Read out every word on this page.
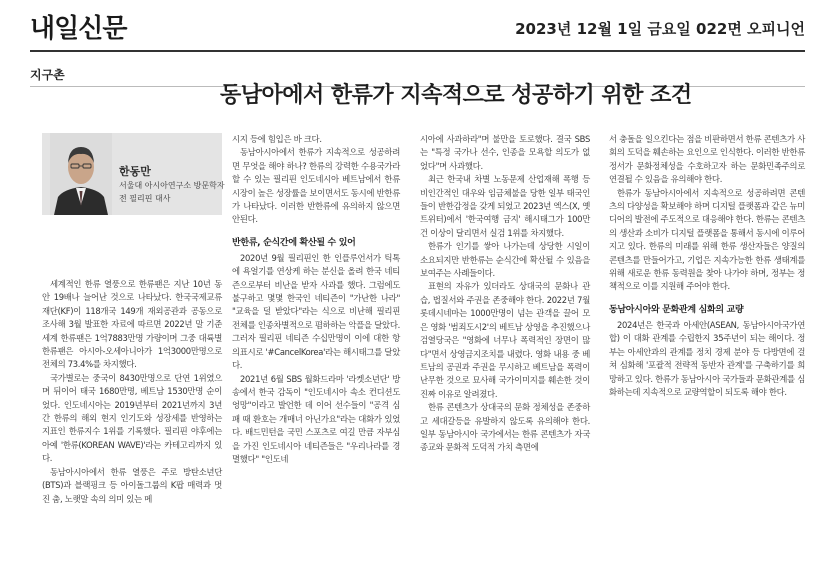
내일신문	2023년 12월 1일 금요일 022면 오피니언
지구촌
동남아에서 한류가 지속적으로 성공하기 위한 조건
한동만
서울대 아시아연구소 방문학자
전 필리핀 대사

세계적인 한류 열풍으로 한류팬은 지난 10년 동안 19배나 늘어난 것으로 나타났다. 한국국제교류재단(KF)이 118개국 149개 재외공관과 공동으로 조사해 3월 발표한 자료에 따르면 2022년 말 기준 세계 한류팬은 1억7883만명 가량이며 그중 대륙별 한류팬은 아시아-오세아니아가 1억3000만명으로 전체의 73.4%를 차지했다.

국가별로는 중국이 8430만명으로 단연 1위였으며 뒤이어 태국 1680만명, 베트남 1530만명 순이었다. 인도네시아는 2019년부터 2021년까지 3년간 한류의 해외 현지 인기도와 성장세를 반영하는 지표인 한류지수 1위를 기록했다. 필리핀 야후에는 아예 '한류(KOREAN WAVE)'라는 카테고리까지 있다.

동남아시아에서 한류 열풍은 주로 방탄소년단(BTS)과 블랙핑크 등 아이돌그룹의 K팝 매력과 멋진 춤, 노랫말 속의 의미 있는 메

시지 등에 힘입은 바 크다.

동남아시아에서 한류가 지속적으로 성공하려면 무엇을 해야 하나? 한류의 강력한 수용국가라 할 수 있는 필리핀 인도네시아 베트남에서 한류시장이 높은 성장률을 보이면서도 동시에 반한류가 나타났다. 이러한 반한류에 유의하지 않으면 안된다.

반한류, 순식간에 확산될 수 있어

2020년 9월 필리핀인 한 인플루언서가 틱톡에 욕얼기를 연상케 하는 분신을 올려 한국 네티즌으로부터 비난을 받자 사과를 했다. 그럼에도 불구하고 몇몇 한국인 네티즌이 "가난한 나라" "교육을 덜 받았다"라는 식으로 비난해 필리핀 전체를 인종차별적으로 폄하하는 악플을 달았다. 그러자 필리핀 네티즌 수십만명이 이에 대한 항의표시로 '#CancelKorea'라는 해시태그를 달았다.

2021년 6월 SBS 월화드라마 '라켓소년단' 방송에서 한국 감독이 "인도네시아 속소 컨디션도 엉망"이라고 발언한 데 이어 선수들이 "공격 심패 때 환호는 개매너 아닌가요"라는 대화가 있었다. 배드민턴을 국민 스포츠로 여길 만큼 자부심을 가진 인도네시아 네티즌들은 "우리나라를 경멸했다" "인도네

시아에 사과하라"며 불만을 토로했다. 결국 SBS는 "특정 국가나 선수, 인종을 모욕할 의도가 없었다"며 사과했다.

최근 한국내 차별 노동문제 산업재해 폭행 등 비인간적인 대우와 임금체불을 당한 일부 태국인들이 반한감정을 갖게 되었고 2023년 엑스(X, 옛 트위터)에서 '한국여행 금지' 해시태그가 100만건 이상이 달리면서 실검 1위를 차지했다.

한류가 인기를 쌓아 나가는데 상당한 시일이 소요되지만 반한류는 순식간에 확산될 수 있음을 보여주는 사례들이다.

표현의 자유가 있더라도 상대국의 문화나 관습, 법질서와 주권을 존중해야 한다. 2022년 7월 롯데시네마는 1000만명이 넘는 관객을 끌어 모은 영화 '범죄도시2'의 베트남 상영을 추진했으나 검열당국은 "영화에 너무나 폭력적인 장면이 많다"면서 상영금지조치를 내렸다. 영화 내용 중 베트남의 공권과 주권을 무시하고 베트남을 폭력이 난무한 것으로 묘사해 국가이미지를 훼손한 것이 진짜 이유로 알려졌다.

한류 콘텐츠가 상대국의 문화 정체성을 존중하고 세대갈등을 유발하지 않도록 유의해야 한다. 일부 동남아시아 국가에서는 한류 콘텐츠가 자국 종교와 문화적 도덕적 가치 측면에

서 충돌을 일으킨다는 점을 비판하면서 한류 콘텐츠가 사회의 도덕을 훼손하는 요인으로 인식한다. 이러한 반한류 정서가 문화정체성을 수호하고자 하는 문화민족주의로 연결될 수 있음을 유의해야 한다.

한류가 동남아시아에서 지속적으로 성공하려면 콘텐츠의 다양성을 확보해야 하며 디지털 플랫폼과 같은 뉴미디어의 발전에 주도적으로 대응해야 한다. 한류는 콘텐츠의 생산과 소비가 디지털 플랫폼을 통해서 동시에 이루어지고 있다. 한류의 미래를 위해 한류 생산자들은 양질의 콘텐츠를 만들어가고, 기업은 지속가능한 한류 생태계를 위해 새로운 한류 동력원을 찾아 나가야 하며, 정부는 정책적으로 이를 지원해 주어야 한다.

동남아시아와 문화관계 심화의 교량

2024년은 한국과 아세안(ASEAN, 동남아시아국가연합) 이 대화 관계를 수립한지 35주년이 되는 해이다. 정부는 아세안과의 관계를 정치 경제 분야 등 다방면에 걸쳐 심화해 '포괄적 전략적 동반자 관계'를 구축하기를 희망하고 있다. 한류가 동남아시아 국가들과 문화관계를 심화하는데 지속적으로 교량역할이 되도록 해야 한다.
